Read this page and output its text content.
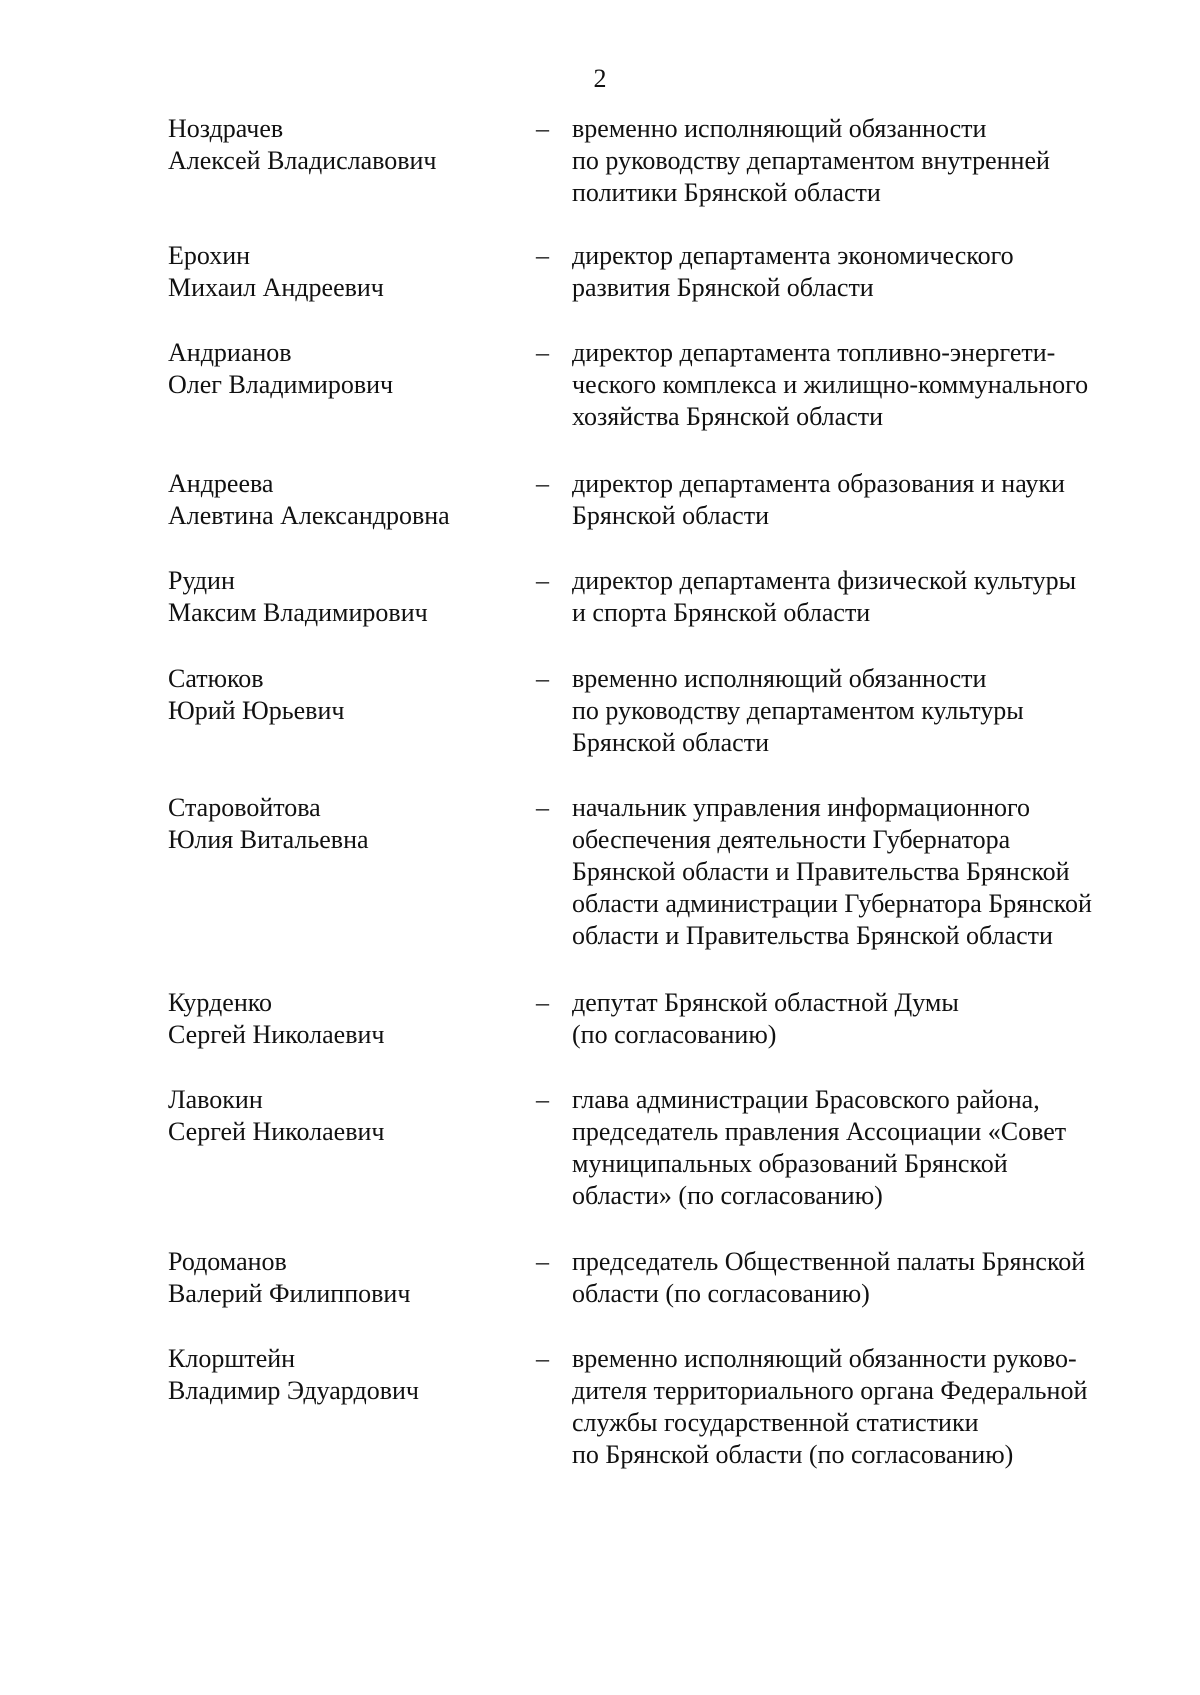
2
Ноздрачев
Алексей Владиславович
– временно исполняющий обязанности
по руководству департаментом внутренней
политики Брянской области
Ерохин
Михаил Андреевич
– директор департамента экономического
развития Брянской области
Андрианов
Олег Владимирович
– директор департамента топливно-энергети-
ческого комплекса и жилищно-коммунального
хозяйства Брянской области
Андреева
Алевтина Александровна
– директор департамента образования и науки
Брянской области
Рудин
Максим Владимирович
– директор департамента физической культуры
и спорта Брянской области
Сатюков
Юрий Юрьевич
– временно исполняющий обязанности
по руководству департаментом культуры
Брянской области
Старовойтова
Юлия Витальевна
– начальник управления информационного
обеспечения деятельности Губернатора
Брянской области и Правительства Брянской
области администрации Губернатора Брянской
области и Правительства Брянской области
Курденко
Сергей Николаевич
– депутат Брянской областной Думы
(по согласованию)
Лавокин
Сергей Николаевич
– глава администрации Брасовского района,
председатель правления Ассоциации «Совет
муниципальных образований Брянской
области» (по согласованию)
Родоманов
Валерий Филиппович
– председатель Общественной палаты Брянской
области (по согласованию)
Клорштейн
Владимир Эдуардович
– временно исполняющий обязанности руково-
дителя территориального органа Федеральной
службы государственной статистики
по Брянской области (по согласованию)
